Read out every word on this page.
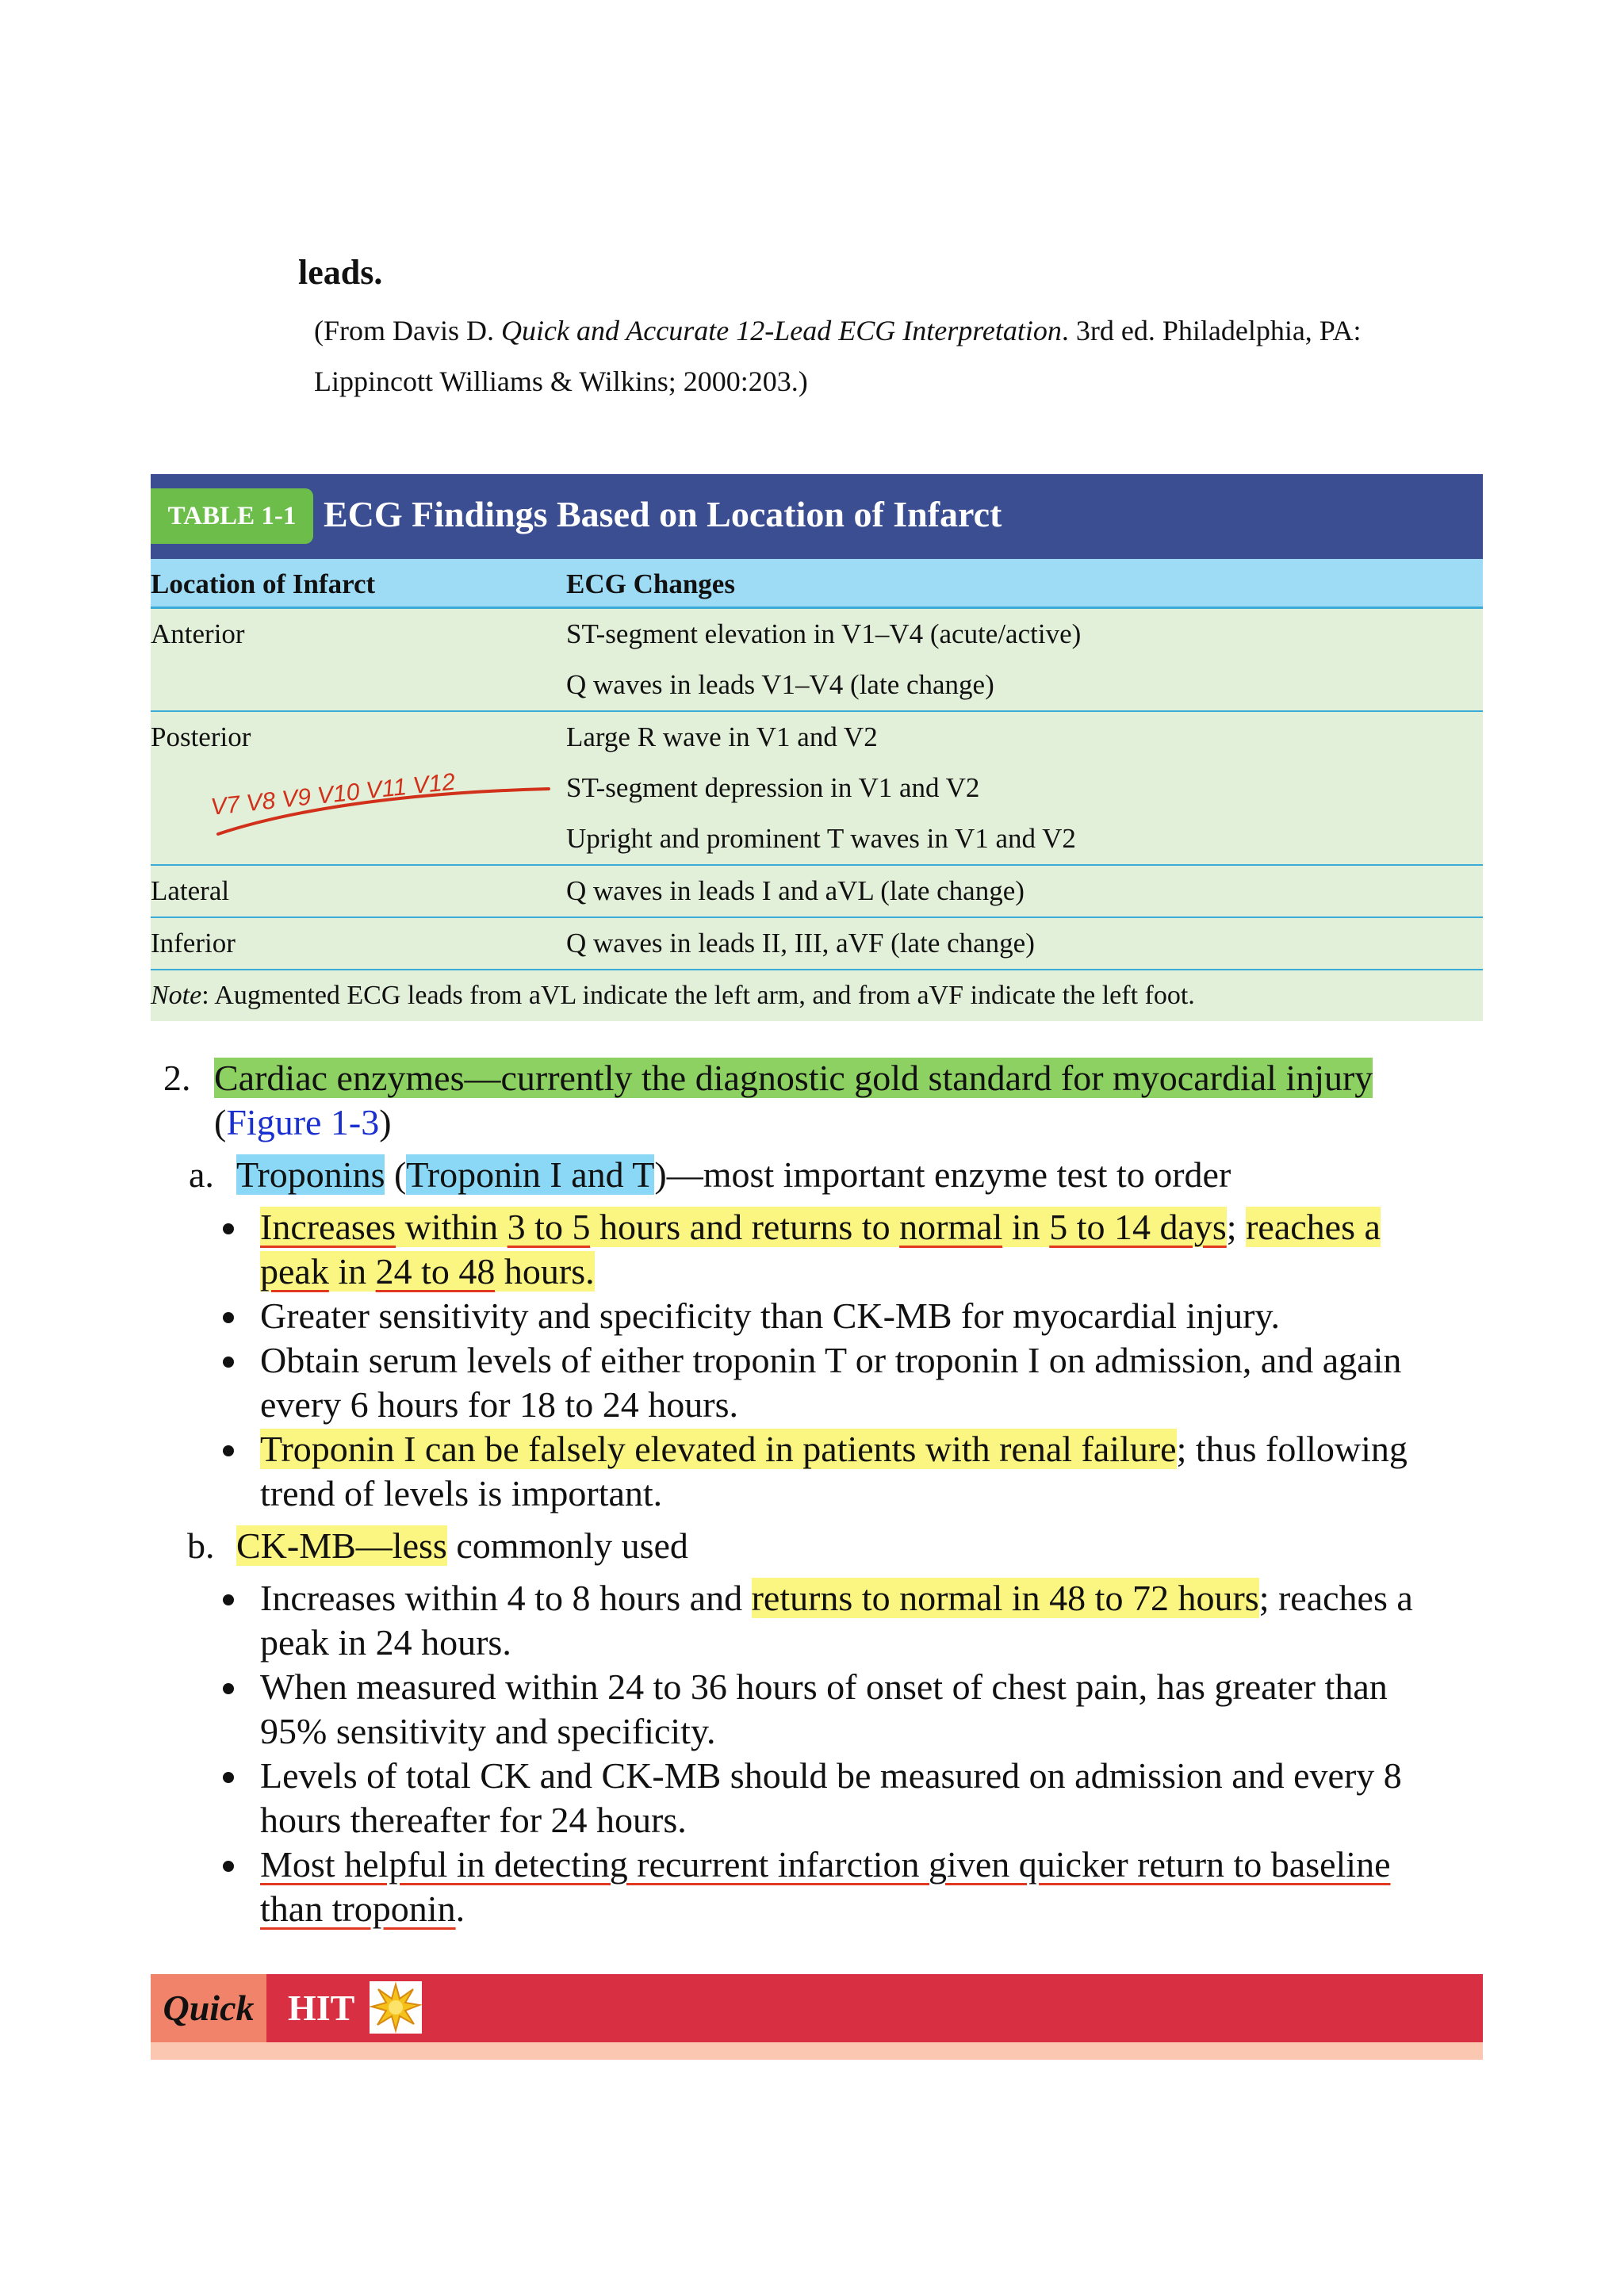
leads.
(From Davis D. Quick and Accurate 12-Lead ECG Interpretation. 3rd ed. Philadelphia, PA:
Lippincott Williams & Wilkins; 2000:203.)
TABLE 1-1 ECG Findings Based on Location of Infarct
Location of Infarct	ECG Changes
Anterior	ST-segment elevation in V1–V4 (acute/active)
Q waves in leads V1–V4 (late change)
Posterior	Large R wave in V1 and V2
ST-segment depression in V1 and V2
Upright and prominent T waves in V1 and V2
Lateral	Q waves in leads I and aVL (late change)
Inferior	Q waves in leads II, III, aVF (late change)
Note: Augmented ECG leads from aVL indicate the left arm, and from aVF indicate the left foot.
V7 V8 V9 V10 V11 V12
2. Cardiac enzymes—currently the diagnostic gold standard for myocardial injury
(Figure 1-3)
a. Troponins (Troponin I and T)—most important enzyme test to order
Increases within 3 to 5 hours and returns to normal in 5 to 14 days; reaches a
peak in 24 to 48 hours.
Greater sensitivity and specificity than CK-MB for myocardial injury.
Obtain serum levels of either troponin T or troponin I on admission, and again
every 6 hours for 18 to 24 hours.
Troponin I can be falsely elevated in patients with renal failure; thus following
trend of levels is important.
b. CK-MB—less commonly used
Increases within 4 to 8 hours and returns to normal in 48 to 72 hours; reaches a
peak in 24 hours.
When measured within 24 to 36 hours of onset of chest pain, has greater than
95% sensitivity and specificity.
Levels of total CK and CK-MB should be measured on admission and every 8
hours thereafter for 24 hours.
Most helpful in detecting recurrent infarction given quicker return to baseline
than troponin.
Quick HIT
